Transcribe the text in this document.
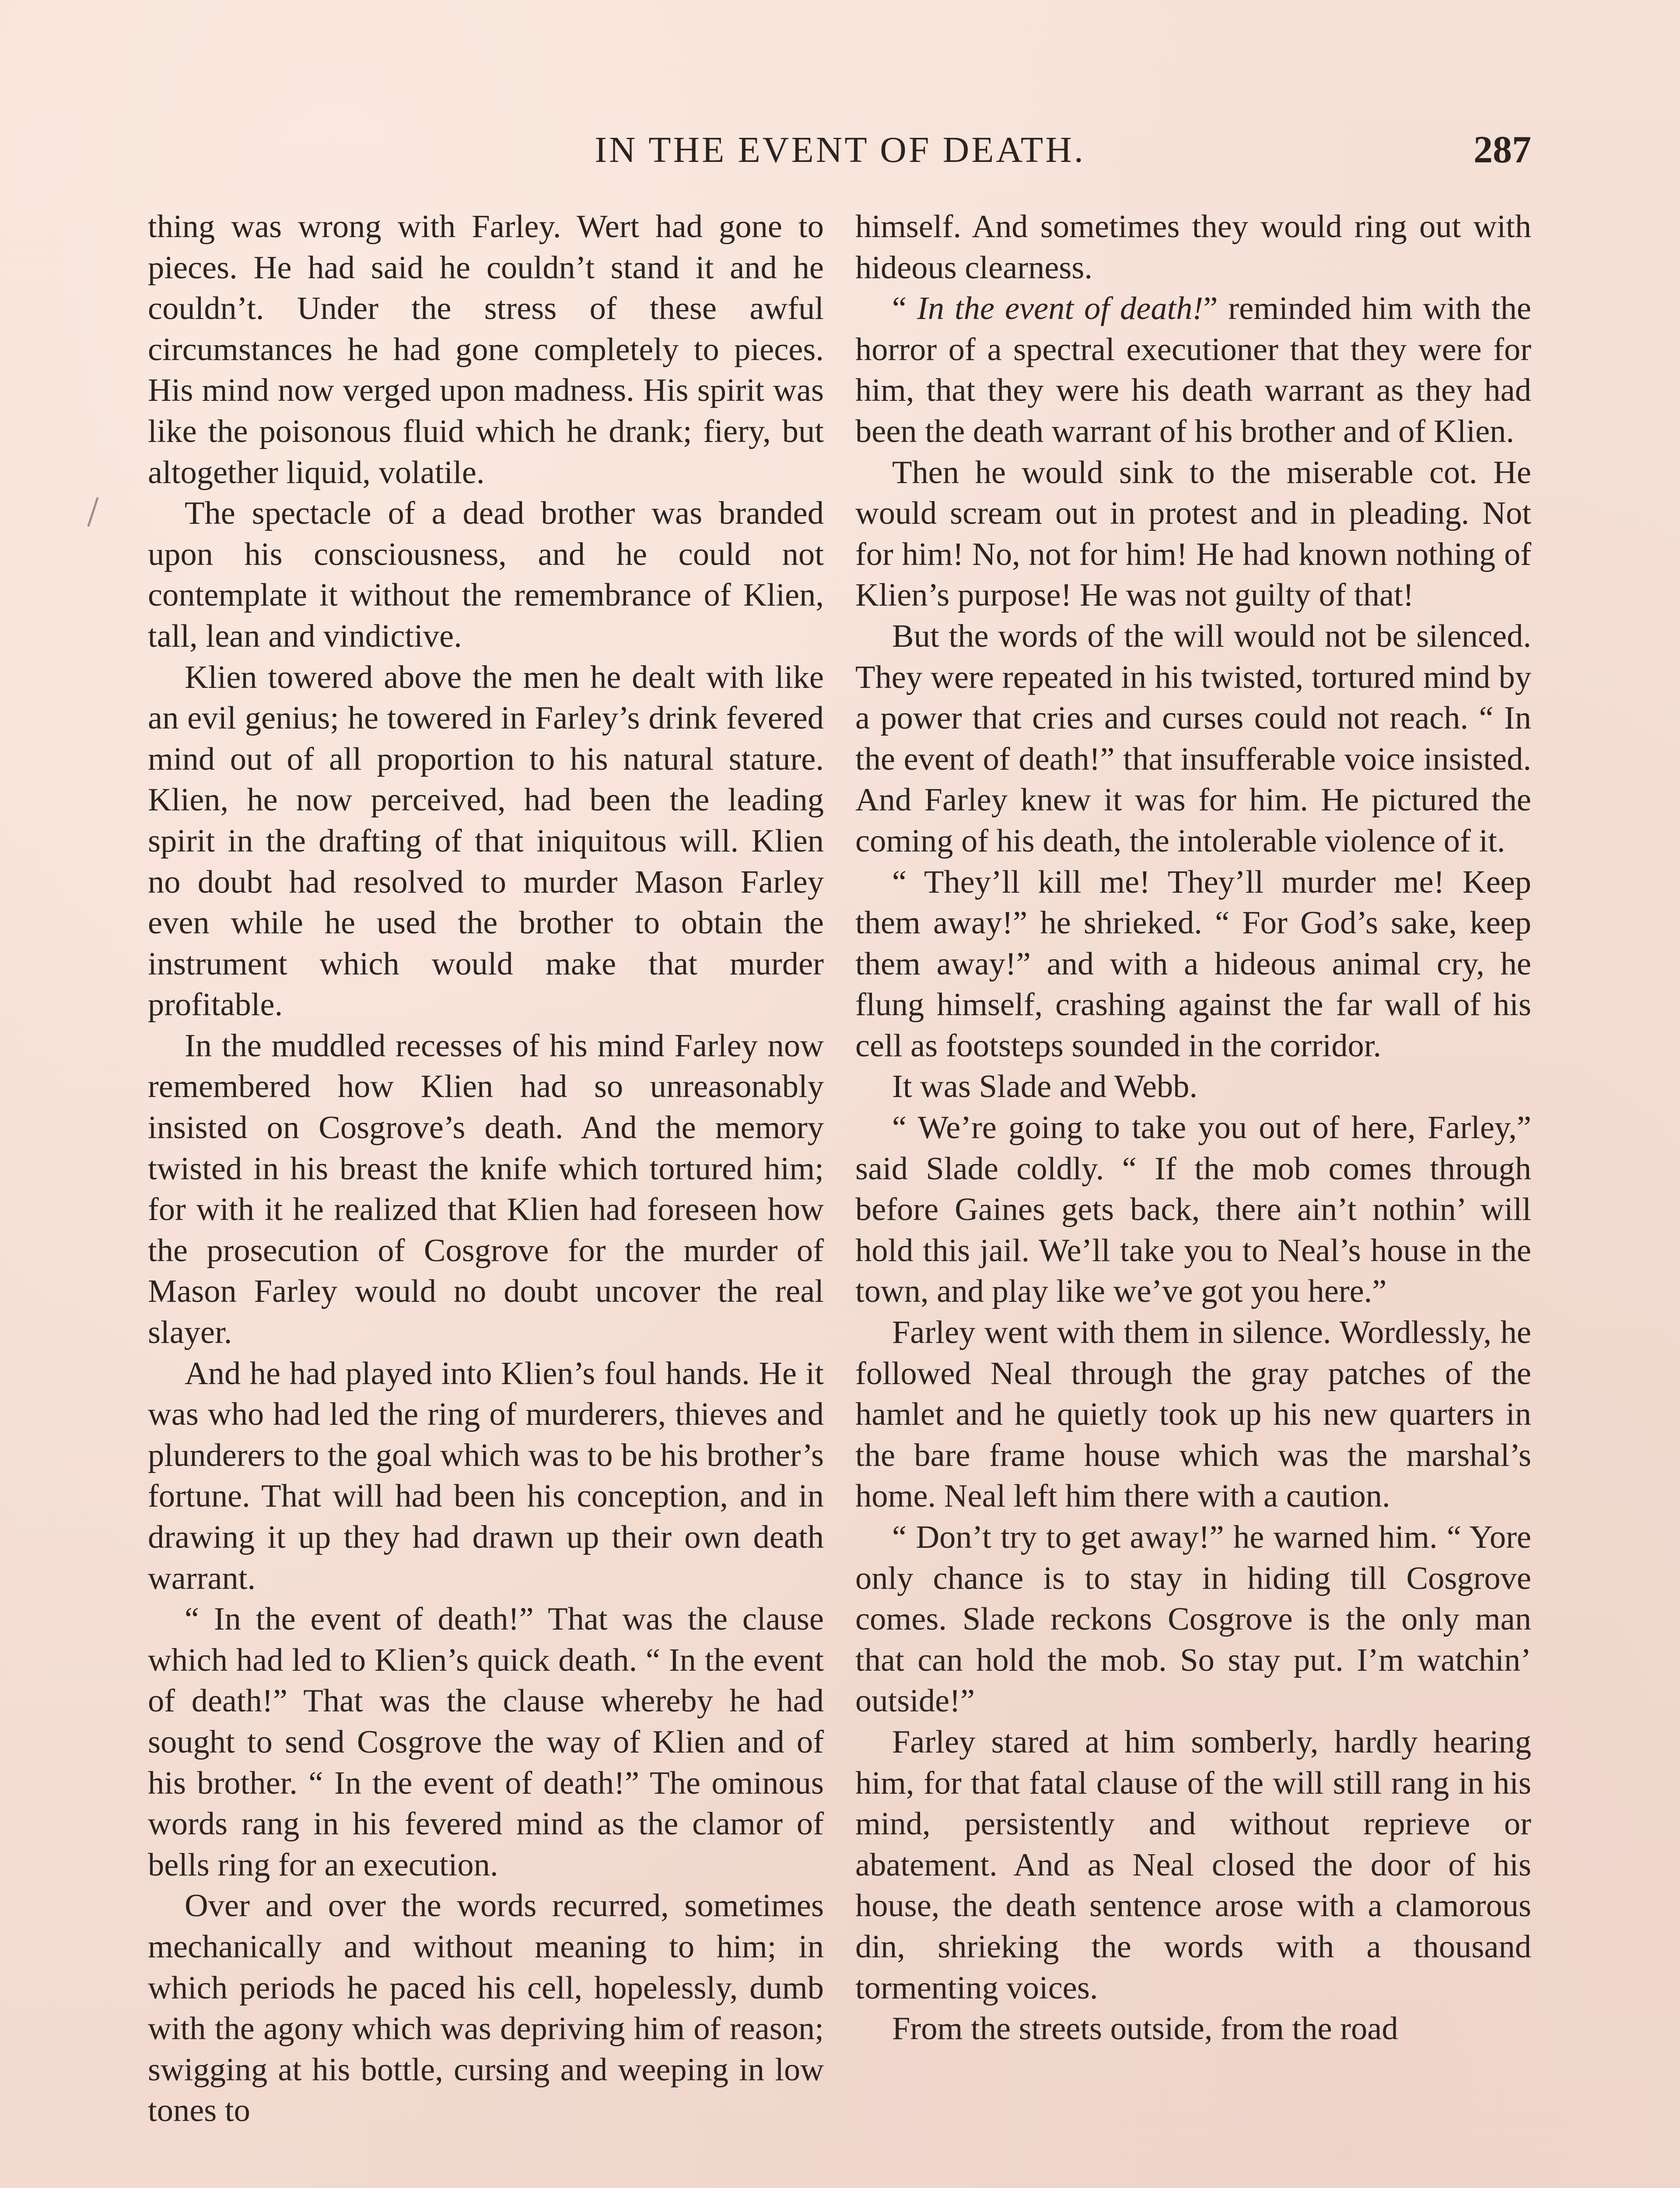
IN THE EVENT OF DEATH.	287

thing was wrong with Farley. Wert had gone to pieces. He had said he couldn’t stand it and he couldn’t. Under the stress of these awful circumstances he had gone completely to pieces. His mind now verged upon madness. His spirit was like the poisonous fluid which he drank; fiery, but altogether liquid, volatile.

The spectacle of a dead brother was branded upon his consciousness, and he could not contemplate it without the remembrance of Klien, tall, lean and vindictive.

Klien towered above the men he dealt with like an evil genius; he towered in Farley’s drink fevered mind out of all proportion to his natural stature. Klien, he now perceived, had been the leading spirit in the drafting of that iniquitous will. Klien no doubt had resolved to murder Mason Farley even while he used the brother to obtain the instrument which would make that murder profitable.

In the muddled recesses of his mind Farley now remembered how Klien had so unreasonably insisted on Cosgrove’s death. And the memory twisted in his breast the knife which tortured him; for with it he realized that Klien had foreseen how the prosecution of Cosgrove for the murder of Mason Farley would no doubt uncover the real slayer.

And he had played into Klien’s foul hands. He it was who had led the ring of murderers, thieves and plunderers to the goal which was to be his brother’s fortune. That will had been his conception, and in drawing it up they had drawn up their own death warrant.

“ In the event of death!” That was the clause which had led to Klien’s quick death. “ In the event of death!” That was the clause whereby he had sought to send Cosgrove the way of Klien and of his brother. “ In the event of death!” The ominous words rang in his fevered mind as the clamor of bells ring for an execution.

Over and over the words recurred, sometimes mechanically and without meaning to him; in which periods he paced his cell, hopelessly, dumb with the agony which was depriving him of reason; swigging at his bottle, cursing and weeping in low tones to

himself. And sometimes they would ring out with hideous clearness.

“ In the event of death!” reminded him with the horror of a spectral executioner that they were for him, that they were his death warrant as they had been the death warrant of his brother and of Klien.

Then he would sink to the miserable cot. He would scream out in protest and in pleading. Not for him! No, not for him! He had known nothing of Klien’s purpose! He was not guilty of that!

But the words of the will would not be silenced. They were repeated in his twisted, tortured mind by a power that cries and curses could not reach. “ In the event of death!” that insufferable voice insisted. And Farley knew it was for him. He pictured the coming of his death, the intolerable violence of it.

“ They’ll kill me! They’ll murder me! Keep them away!” he shrieked. “ For God’s sake, keep them away!” and with a hideous animal cry, he flung himself, crashing against the far wall of his cell as footsteps sounded in the corridor.

It was Slade and Webb.

“ We’re going to take you out of here, Farley,” said Slade coldly. “ If the mob comes through before Gaines gets back, there ain’t nothin’ will hold this jail. We’ll take you to Neal’s house in the town, and play like we’ve got you here.”

Farley went with them in silence. Wordlessly, he followed Neal through the gray patches of the hamlet and he quietly took up his new quarters in the bare frame house which was the marshal’s home. Neal left him there with a caution.

“ Don’t try to get away!” he warned him. “ Yore only chance is to stay in hiding till Cosgrove comes. Slade reckons Cosgrove is the only man that can hold the mob. So stay put. I’m watchin’ outside!”

Farley stared at him somberly, hardly hearing him, for that fatal clause of the will still rang in his mind, persistently and without reprieve or abatement. And as Neal closed the door of his house, the death sentence arose with a clamorous din, shrieking the words with a thousand tormenting voices.

From the streets outside, from the road
